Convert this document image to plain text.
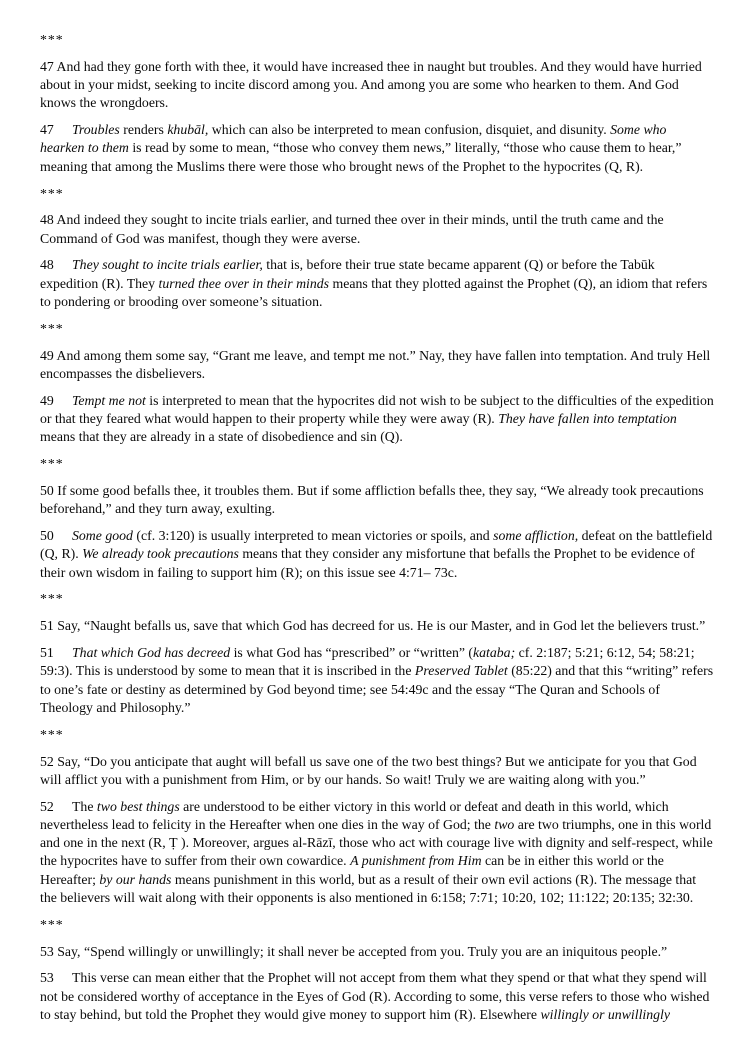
***

47 And had they gone forth with thee, it would have increased thee in naught but troubles. And they would have hurried about in your midst, seeking to incite discord among you. And among you are some who hearken to them. And God knows the wrongdoers.

47 Troubles renders khubāl, which can also be interpreted to mean confusion, disquiet, and disunity. Some who hearken to them is read by some to mean, “those who convey them news,” literally, “those who cause them to hear,” meaning that among the Muslims there were those who brought news of the Prophet to the hypocrites (Q, R).

***

48 And indeed they sought to incite trials earlier, and turned thee over in their minds, until the truth came and the Command of God was manifest, though they were averse.

48 They sought to incite trials earlier, that is, before their true state became apparent (Q) or before the Tabūk expedition (R). They turned thee over in their minds means that they plotted against the Prophet (Q), an idiom that refers to pondering or brooding over someone’s situation.

***

49 And among them some say, “Grant me leave, and tempt me not.” Nay, they have fallen into temptation. And truly Hell encompasses the disbelievers.

49 Tempt me not is interpreted to mean that the hypocrites did not wish to be subject to the difficulties of the expedition or that they feared what would happen to their property while they were away (R). They have fallen into temptation means that they are already in a state of disobedience and sin (Q).

***

50 If some good befalls thee, it troubles them. But if some affliction befalls thee, they say, “We already took precautions beforehand,” and they turn away, exulting.

50 Some good (cf. 3:120) is usually interpreted to mean victories or spoils, and some affliction, defeat on the battlefield (Q, R). We already took precautions means that they consider any misfortune that befalls the Prophet to be evidence of their own wisdom in failing to support him (R); on this issue see 4:71– 73c.

***

51 Say, “Naught befalls us, save that which God has decreed for us. He is our Master, and in God let the believers trust.”

51 That which God has decreed is what God has “prescribed” or “written” (kataba; cf. 2:187; 5:21; 6:12, 54; 58:21; 59:3). This is understood by some to mean that it is inscribed in the Preserved Tablet (85:22) and that this “writing” refers to one’s fate or destiny as determined by God beyond time; see 54:49c and the essay “The Quran and Schools of Theology and Philosophy.”

***

52 Say, “Do you anticipate that aught will befall us save one of the two best things? But we anticipate for you that God will afflict you with a punishment from Him, or by our hands. So wait! Truly we are waiting along with you.”

52 The two best things are understood to be either victory in this world or defeat and death in this world, which nevertheless lead to felicity in the Hereafter when one dies in the way of God; the two are two triumphs, one in this world and one in the next (R, Ṭ ). Moreover, argues al-Rāzī, those who act with courage live with dignity and self-respect, while the hypocrites have to suffer from their own cowardice. A punishment from Him can be in either this world or the Hereafter; by our hands means punishment in this world, but as a result of their own evil actions (R). The message that the believers will wait along with their opponents is also mentioned in 6:158; 7:71; 10:20, 102; 11:122; 20:135; 32:30.

***

53 Say, “Spend willingly or unwillingly; it shall never be accepted from you. Truly you are an iniquitous people.”

53 This verse can mean either that the Prophet will not accept from them what they spend or that what they spend will not be considered worthy of acceptance in the Eyes of God (R). According to some, this verse refers to those who wished to stay behind, but told the Prophet they would give money to support him (R). Elsewhere willingly or unwillingly
